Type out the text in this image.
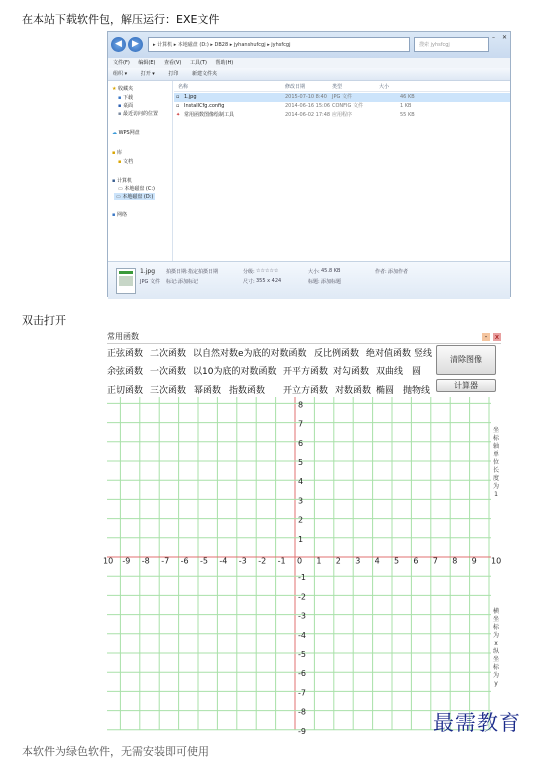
在本站下载软件包，解压运行：EXE文件
◀	▶	▸ 计算机 ▸ 本地磁盘 (D:) ▸ DB28 ▸ jyhanshufcgj ▸ jyhsfcgj	搜索 jyhsfcgj
– ✕
文件(F) 编辑(E) 查看(V) 工具(T) 帮助(H)
组织 ▾	打开 ▾	打印	新建文件夹
★ 收藏夹
▪ 下载
▪ 桌面
▪ 最近访问的位置
☁ WPS网盘
▪ 库
▪ 文档
▪ 计算机
▭ 本地磁盘 (C:)
▭ 本地磁盘 (D:)
▪ 网络
名称	修改日期	类型	大小
▫ 1.jpg	2015-07-10 8:40 JPG 文件	46 KB
▫ InstallCfg.config	2014-06-16 15:06 CONFIG 文件	1 KB
✦ 常用函数图像绘制工具	2014-06-02 17:48 应用程序	55 KB
1.jpg
JPG 文件
拍摄日期: 指定拍摄日期
标记: 添加标记
分级: ☆☆☆☆☆
尺寸: 355 x 424
大小: 45.8 KB
标题: 添加标题
作者: 添加作者
双击打开
常用函数	-	x
正弦函数 二次函数 以自然对数e为底的对数函数 反比例函数 绝对值函数 竖线
余弦函数 一次函数 以10为底的对数函数 开平方函数 对勾函数 双曲线 圆
正切函数 三次函数 幂函数 指数函数 开立方函数 对数函数 椭圆 抛物线
清除图像
计算器
10 -9 -8 -7 -6 -5 -4 -3 -2 -1 0 1 2 3 4 5 6 7 8 9 10
8
7
6
5
4
3
2
1
-1
-2
-3
-4
-5
-6
-7
-8
-9
坐标轴单位长度为1
横坐标为x纵坐标为y
本软件为绿色软件，无需安装即可使用
最需教育
